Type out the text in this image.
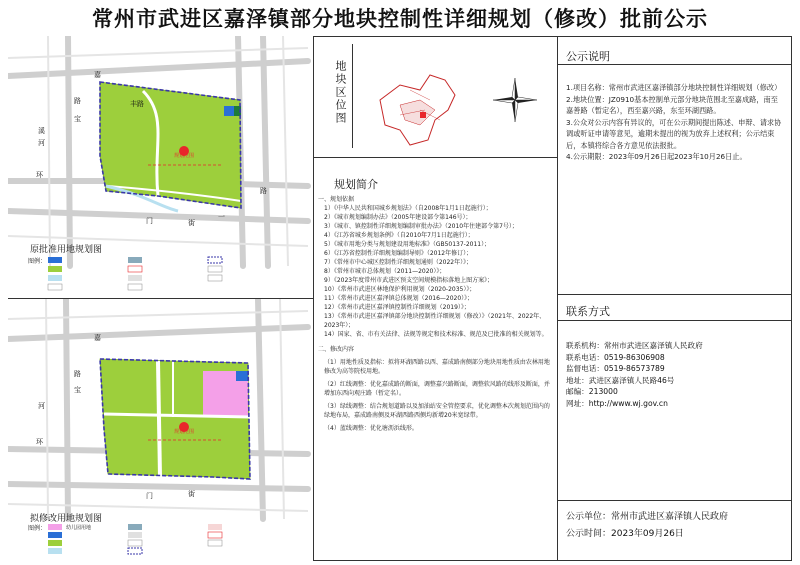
常州市武进区嘉泽镇部分地块控制性详细规划（修改）批前公示
原批准用地规划图
图例：
规划范围
嘉
丰路
路
宝
环
街
一
门
路
溪
河
拟修改用地规划图
图例：	幼儿园用地
规划范围
嘉
路
宝
环
街
门
河
地块区位图
规划简介

一、规划依据

1）《中华人民共和国城乡规划法》（自2008年1月1日起施行）；

2）《城市规划编制办法》（2005年建设部令第146号）；

3）《城市、镇控制性详细规划编制审批办法》（2010年住建部令第7号）；

4）《江苏省城乡规划条例》（自2010年7月1日起施行）；

5）《城市用地分类与规划建设用地标准》（GB50137-2011）；

6）《江苏省控制性详细规划编制导则》（2012年修订）；

7）《常州市中心城区控制性详细规划通则（2022年）》；

8）《常州市城市总体规划（2011—2020）》；

9）《2023年度常州市武进区预支空间规模指标落地上图方案》；

10）《常州市武进区林地保护利用规划（2020-2035）》；

11）《常州市武进区嘉泽镇总体规划（2016—2020）》；

12）《常州市武进区嘉泽镇控制性详细规划（2019）》；

13）《常州市武进区嘉泽镇部分地块控制性详细规划（修改）》（2021年、2022年、2023年）；

14）国家、省、市有关法律、法规等规定和技术标准、规范及已批准的相关规划等。

二、修改内容

（1）用地性质及指标：拟将环湖西路以西、嘉成路南侧部分地块用地性质由农林用地修改为高等院校用地。

（2）红线调整：优化嘉成路的断面，调整嘉兴路断面，调整软风路的线形及断面，并增加东西向观庄路（暂定名）。

（3）绿线调整：结合规划道路以及加油站安全管控要求，优化调整本次规划范围内的绿地布局，嘉成路南侧及环湖西路西侧均新增20米宽绿带。

（4）蓝线调整：优化塘沥浜线形。

公示说明

1.项目名称：常州市武进区嘉泽镇部分地块控制性详细规划（修改）

2.地块位置：JZ0910基本控制单元部分地块范围北至嘉成路，南至嘉善路（暂定名），西至嘉兴路，东至环湖西路。

3.公众对公示内容有异议的，可在公示期间提出陈述、申辩、请求协调或听证申请等意见，逾期未提出的视为放弃上述权利；公示结束后，本镇将综合各方意见依法报批。

4.公示期限：2023年09月26日起2023年10月26日止。

联系方式

联系机构：常州市武进区嘉泽镇人民政府

联系电话：0519-86306908

监督电话：0519-86573789

地址：武进区嘉泽镇人民路46号

邮编：213000

网址：http://www.wj.gov.cn

公示单位：常州市武进区嘉泽镇人民政府
公示时间：2023年09月26日
